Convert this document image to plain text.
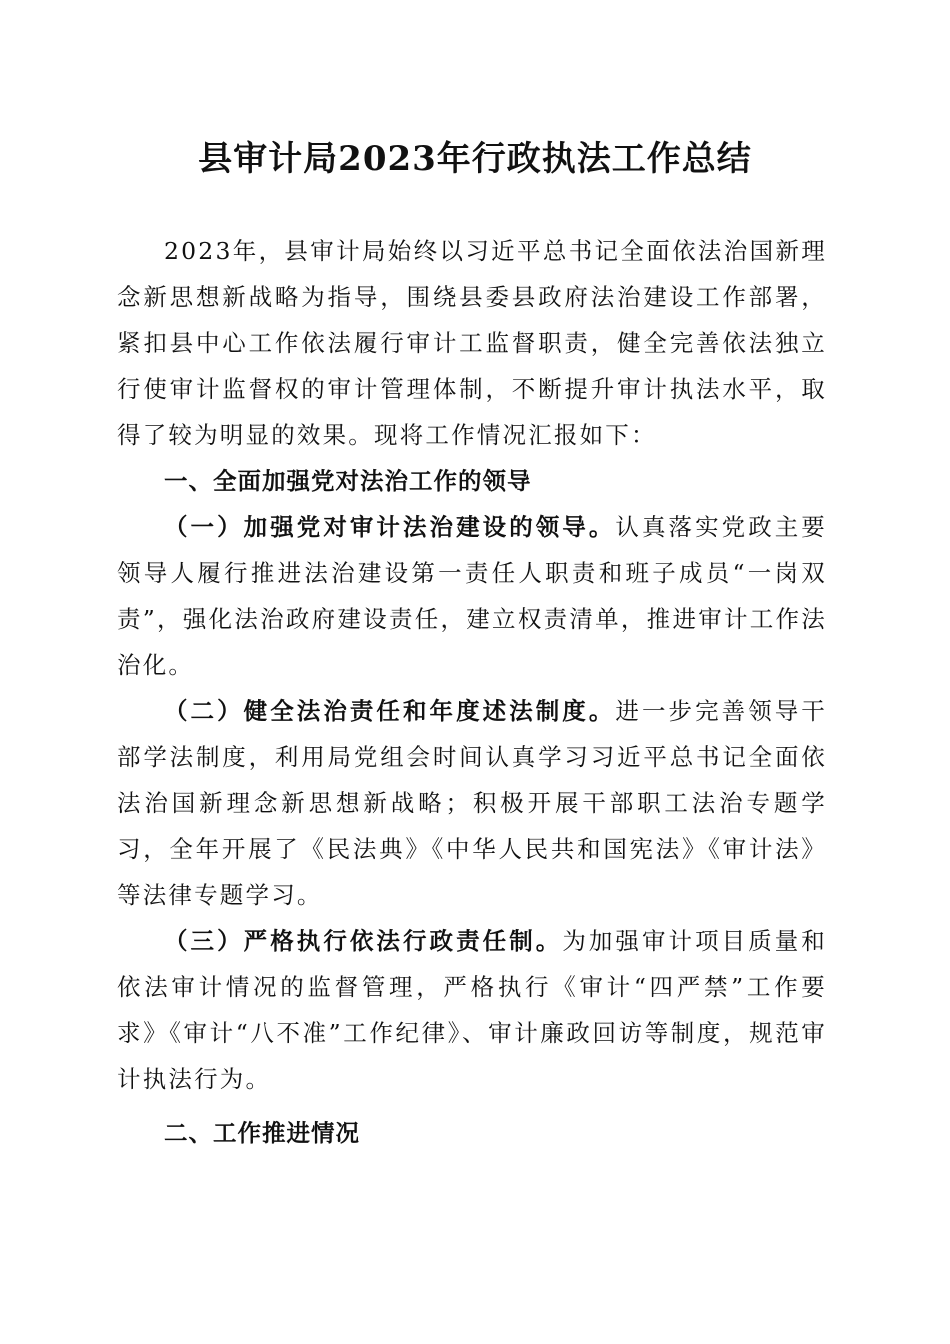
县审计局2023年行政执法工作总结

2023年，县审计局始终以习近平总书记全面依法治国新理念新思想新战略为指导，围绕县委县政府法治建设工作部署，紧扣县中心工作依法履行审计工监督职责，健全完善依法独立行使审计监督权的审计管理体制，不断提升审计执法水平，取得了较为明显的效果。现将工作情况汇报如下：

一、全面加强党对法治工作的领导

（一）加强党对审计法治建设的领导。认真落实党政主要领导人履行推进法治建设第一责任人职责和班子成员“一岗双责”，强化法治政府建设责任，建立权责清单，推进审计工作法治化。

（二）健全法治责任和年度述法制度。进一步完善领导干部学法制度，利用局党组会时间认真学习习近平总书记全面依法治国新理念新思想新战略；积极开展干部职工法治专题学习，全年开展了《民法典》《中华人民共和国宪法》《审计法》等法律专题学习。

（三）严格执行依法行政责任制。为加强审计项目质量和依法审计情况的监督管理，严格执行《审计“四严禁”工作要求》《审计“八不准”工作纪律》、审计廉政回访等制度，规范审计执法行为。

二、工作推进情况
